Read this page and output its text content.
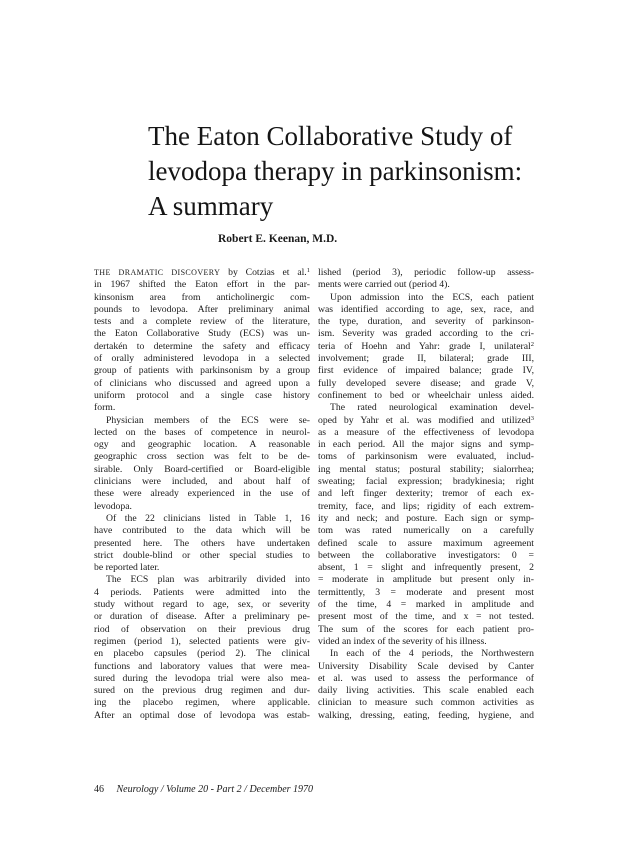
The Eaton Collaborative Study of
levodopa therapy in parkinsonism:
A summary
Robert E. Keenan, M.D.
THE DRAMATIC DISCOVERY by Cotzias et al.$^1$
in 1967 shifted the Eaton effort in the par-
kinsonism area from anticholinergic com-
pounds to levodopa. After preliminary animal
tests and a complete review of the literature,
the Eaton Collaborative Study (ECS) was un-
dertakén to determine the safety and efficacy
of orally administered levodopa in a selected
group of patients with parkinsonism by a group
of clinicians who discussed and agreed upon a
uniform protocol and a single case history
form.
Physician members of the ECS were se-
lected on the bases of competence in neurol-
ogy and geographic location. A reasonable
geographic cross section was felt to be de-
sirable. Only Board-certified or Board-eligible
clinicians were included, and about half of
these were already experienced in the use of
levodopa.
Of the 22 clinicians listed in Table 1, 16
have contributed to the data which will be
presented here. The others have undertaken
strict double-blind or other special studies to
be reported later.
The ECS plan was arbitrarily divided into
4 periods. Patients were admitted into the
study without regard to age, sex, or severity
or duration of disease. After a preliminary pe-
riod of observation on their previous drug
regimen (period 1), selected patients were giv-
en placebo capsules (period 2). The clinical
functions and laboratory values that were mea-
sured during the levodopa trial were also mea-
sured on the previous drug regimen and dur-
ing the placebo regimen, where applicable.
After an optimal dose of levodopa was estab-
lished (period 3), periodic follow-up assess-
ments were carried out (period 4).
Upon admission into the ECS, each patient
was identified according to age, sex, race, and
the type, duration, and severity of parkinson-
ism. Severity was graded according to the cri-
teria of Hoehn and Yahr: grade I, unilateral$^2$
involvement; grade II, bilateral; grade III,
first evidence of impaired balance; grade IV,
fully developed severe disease; and grade V,
confinement to bed or wheelchair unless aided.
The rated neurological examination devel-
oped by Yahr et al. was modified and utilized$^3$
as a measure of the effectiveness of levodopa
in each period. All the major signs and symp-
toms of parkinsonism were evaluated, includ-
ing mental status; postural stability; sialorrhea;
sweating; facial expression; bradykinesia; right
and left finger dexterity; tremor of each ex-
tremity, face, and lips; rigidity of each extrem-
ity and neck; and posture. Each sign or symp-
tom was rated numerically on a carefully
defined scale to assure maximum agreement
between the collaborative investigators: 0 =
absent, 1 = slight and infrequently present, 2
= moderate in amplitude but present only in-
termittently, 3 = moderate and present most
of the time, 4 = marked in amplitude and
present most of the time, and x = not tested.
The sum of the scores for each patient pro-
vided an index of the severity of his illness.
In each of the 4 periods, the Northwestern
University Disability Scale devised by Canter
et al. was used to assess the performance of
daily living activities. This scale enabled each
clinician to measure such common activities as
walking, dressing, eating, feeding, hygiene, and
46 Neurology / Volume 20 - Part 2 / December 1970
